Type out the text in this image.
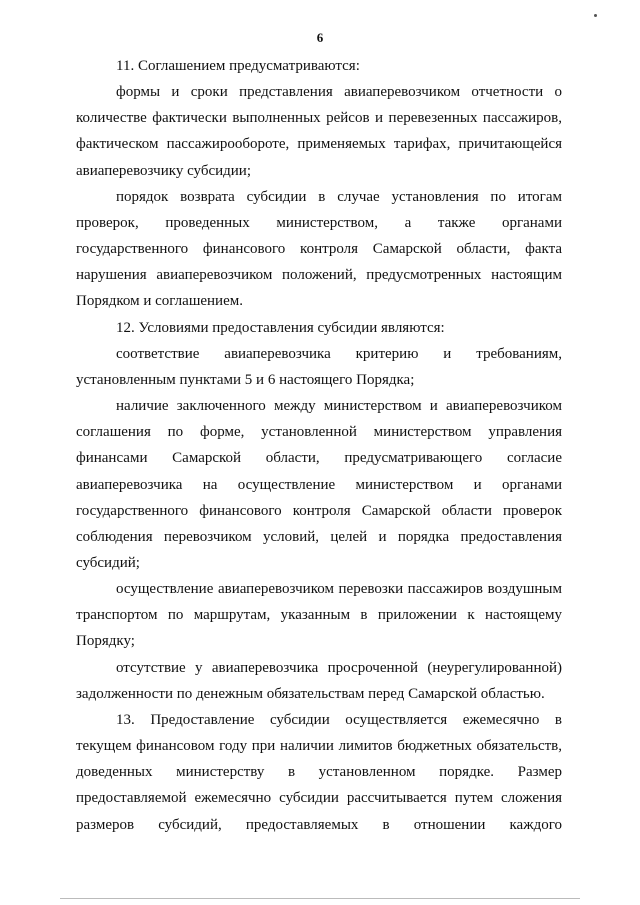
6

11. Соглашением предусматриваются:

формы и сроки представления авиаперевозчиком отчетности о количестве фактически выполненных рейсов и перевезенных пассажиров, фактическом пассажирообороте, применяемых тарифах, причитающейся авиаперевозчику субсидии;

порядок возврата субсидии в случае установления по итогам проверок, проведенных министерством, а также органами государственного финансового контроля Самарской области, факта нарушения авиаперевозчиком положений, предусмотренных настоящим Порядком и соглашением.

12. Условиями предоставления субсидии являются:

соответствие авиаперевозчика критерию и требованиям, установленным пунктами 5 и 6 настоящего Порядка;

наличие заключенного между министерством и авиаперевозчиком соглашения по форме, установленной министерством управления финансами Самарской области, предусматривающего согласие авиаперевозчика на осуществление министерством и органами государственного финансового контроля Самарской области проверок соблюдения перевозчиком условий, целей и порядка предоставления субсидий;

осуществление авиаперевозчиком перевозки пассажиров воздушным транспортом по маршрутам, указанным в приложении к настоящему Порядку;

отсутствие у авиаперевозчика просроченной (неурегулированной) задолженности по денежным обязательствам перед Самарской областью.

13. Предоставление субсидии осуществляется ежемесячно в текущем финансовом году при наличии лимитов бюджетных обязательств, доведенных министерству в установленном порядке. Размер предоставляемой ежемесячно субсидии рассчитывается путем сложения размеров субсидий, предоставляемых в отношении каждого
